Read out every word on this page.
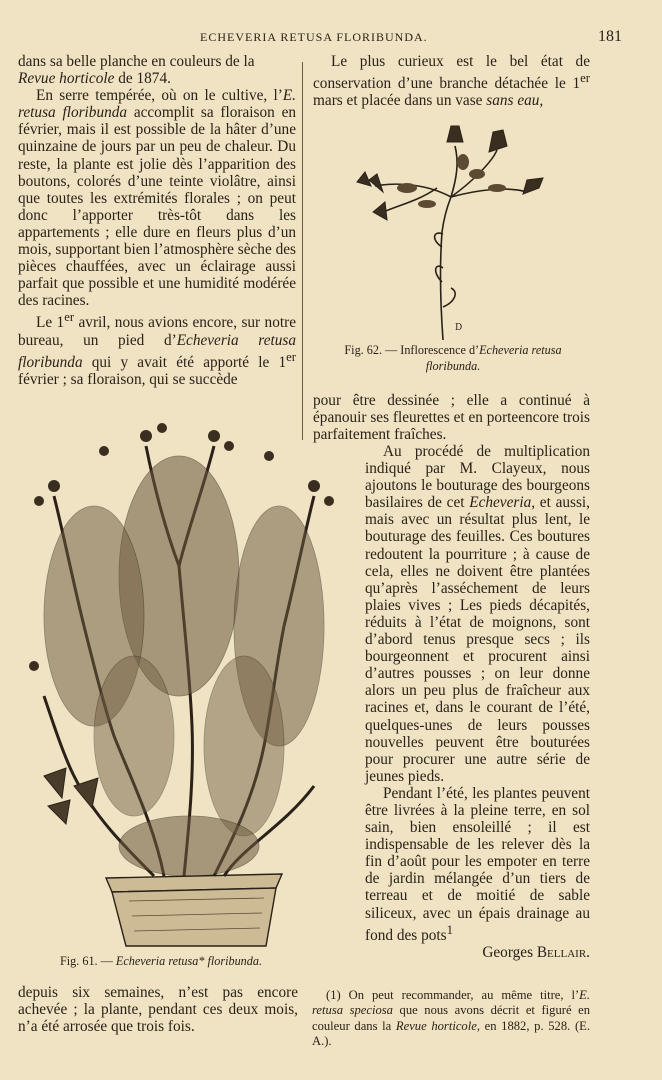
ECHEVERIA RETUSA FLORIBUNDA.	181

dans sa belle planche en couleurs de la
Revue horticole de 1874.

En serre tempérée, où on le cultive, l’E. retusa floribunda accomplit sa floraison en février, mais il est possible de la hâter d’une quinzaine de jours par un peu de chaleur. Du reste, la plante est jolie dès l’apparition des boutons, colorés d’une teinte violâtre, ainsi que toutes les extrémités florales ; on peut donc l’apporter très-tôt dans les appartements ; elle dure en fleurs plus d’un mois, supportant bien l’atmosphère sèche des pièces chauffées, avec un éclairage aussi parfait que possible et une humidité modérée des racines.

Le 1er avril, nous avions encore, sur notre bureau, un pied d’Echeveria retusa floribunda qui y avait été apporté le 1er février ; sa floraison, qui se succède

Le plus curieux est le bel état de conservation d’une branche détachée le 1er mars et placée dans un vase sans eau,

D
Fig. 62. — Inflorescence d’Echeveria retusa floribunda.

pour être dessinée ; elle a continué à épanouir ses fleurettes et en porteencore trois parfaitement fraîches.

Au procédé de multiplication indiqué par M. Clayeux, nous ajoutons le bouturage des bourgeons basilaires de cet Echeveria, et aussi, mais avec un résultat plus lent, le bouturage des feuilles. Ces boutures redoutent la pourriture ; à cause de cela, elles ne doivent être plantées qu’après l’asséchement de leurs plaies vives ; Les pieds décapités, réduits à l’état de moignons, sont d’abord tenus presque secs ; ils bourgeonnent et procurent ainsi d’autres pousses ; on leur donne alors un peu plus de fraîcheur aux racines et, dans le courant de l’été, quelques-unes de leurs pousses nouvelles peuvent être bouturées pour procurer une autre série de jeunes pieds.

Pendant l’été, les plantes peuvent être livrées à la pleine terre, en sol sain, bien ensoleillé ; il est indispensable de les relever dès la fin d’août pour les empoter en terre de jardin mélangée d’un tiers de terreau et de moitié de sable siliceux, avec un épais drainage au fond des pots$^1$
Georges Bellair.

Fig. 61. — Echeveria retusa* floribunda.

depuis six semaines, n’est pas encore achevée ; la plante, pendant ces deux mois, n’a été arrosée que trois fois.

(1) On peut recommander, au même titre, l’E. retusa speciosa que nous avons décrit et figuré en couleur dans la Revue horticole, en 1882, p. 528. (E. A.).
